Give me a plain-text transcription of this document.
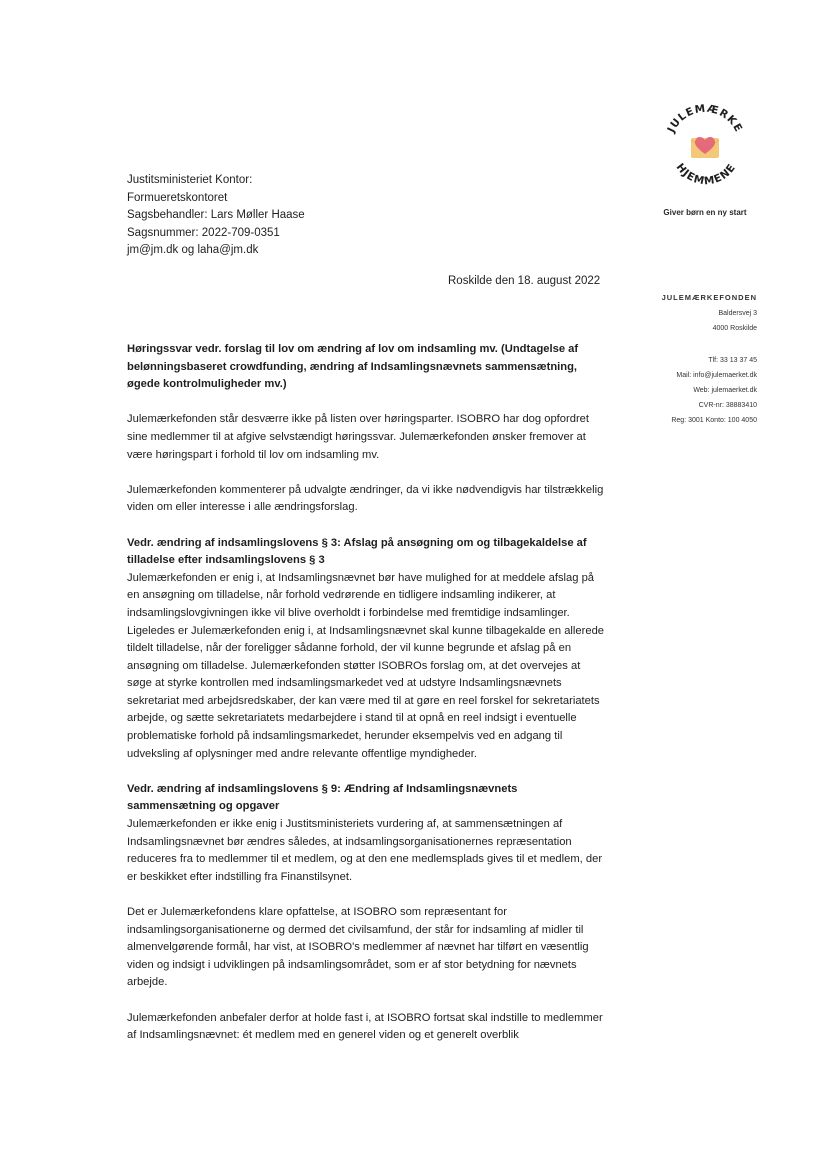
JULEMÆRKE
HJEMMENE
Giver børn en ny start
Justitsministeriet Kontor:
Formueretskontoret
Sagsbehandler: Lars Møller Haase
Sagsnummer: 2022-709-0351
jm@jm.dk og laha@jm.dk
Roskilde den 18. august 2022
JULEMÆRKEFONDEN
Baldersvej 3
4000 Roskilde
Tlf: 33 13 37 45
Mail: info@julemaerket.dk
Web: julemaerket.dk
CVR-nr: 38883410
Reg: 3001 Konto: 100 4050

Høringssvar vedr. forslag til lov om ændring af lov om indsamling mv. (Undtagelse af belønningsbaseret crowdfunding, ændring af Indsamlingsnævnets sammensætning, øgede kontrolmuligheder mv.)

Julemærkefonden står desværre ikke på listen over høringsparter. ISOBRO har dog opfordret sine medlemmer til at afgive selvstændigt høringssvar. Julemærkefonden ønsker fremover at være høringspart i forhold til lov om indsamling mv.

Julemærkefonden kommenterer på udvalgte ændringer, da vi ikke nødvendigvis har tilstrækkelig viden om eller interesse i alle ændringsforslag.

Vedr. ændring af indsamlingslovens § 3: Afslag på ansøgning om og tilbagekaldelse af tilladelse efter indsamlingslovens § 3

Julemærkefonden er enig i, at Indsamlingsnævnet bør have mulighed for at meddele afslag på en ansøgning om tilladelse, når forhold vedrørende en tidligere indsamling indikerer, at indsamlingslovgivningen ikke vil blive overholdt i forbindelse med fremtidige indsamlinger. Ligeledes er Julemærkefonden enig i, at Indsamlingsnævnet skal kunne tilbagekalde en allerede tildelt tilladelse, når der foreligger sådanne forhold, der vil kunne begrunde et afslag på en ansøgning om tilladelse. Julemærkefonden støtter ISOBROs forslag om, at det overvejes at søge at styrke kontrollen med indsamlingsmarkedet ved at udstyre Indsamlingsnævnets sekretariat med arbejdsredskaber, der kan være med til at gøre en reel forskel for sekretariatets arbejde, og sætte sekretariatets medarbejdere i stand til at opnå en reel indsigt i eventuelle problematiske forhold på indsamlingsmarkedet, herunder eksempelvis ved en adgang til udveksling af oplysninger med andre relevante offentlige myndigheder.

Vedr. ændring af indsamlingslovens § 9: Ændring af Indsamlingsnævnets sammensætning og opgaver

Julemærkefonden er ikke enig i Justitsministeriets vurdering af, at sammensætningen af Indsamlingsnævnet bør ændres således, at indsamlingsorganisationernes repræsentation reduceres fra to medlemmer til et medlem, og at den ene medlemsplads gives til et medlem, der er beskikket efter indstilling fra Finanstilsynet.

Det er Julemærkefondens klare opfattelse, at ISOBRO som repræsentant for indsamlingsorganisationerne og dermed det civilsamfund, der står for indsamling af midler til almenvelgørende formål, har vist, at ISOBRO's medlemmer af nævnet har tilført en væsentlig viden og indsigt i udviklingen på indsamlingsområdet, som er af stor betydning for nævnets arbejde.

Julemærkefonden anbefaler derfor at holde fast i, at ISOBRO fortsat skal indstille to medlemmer af Indsamlingsnævnet: ét medlem med en generel viden og et generelt overblik
